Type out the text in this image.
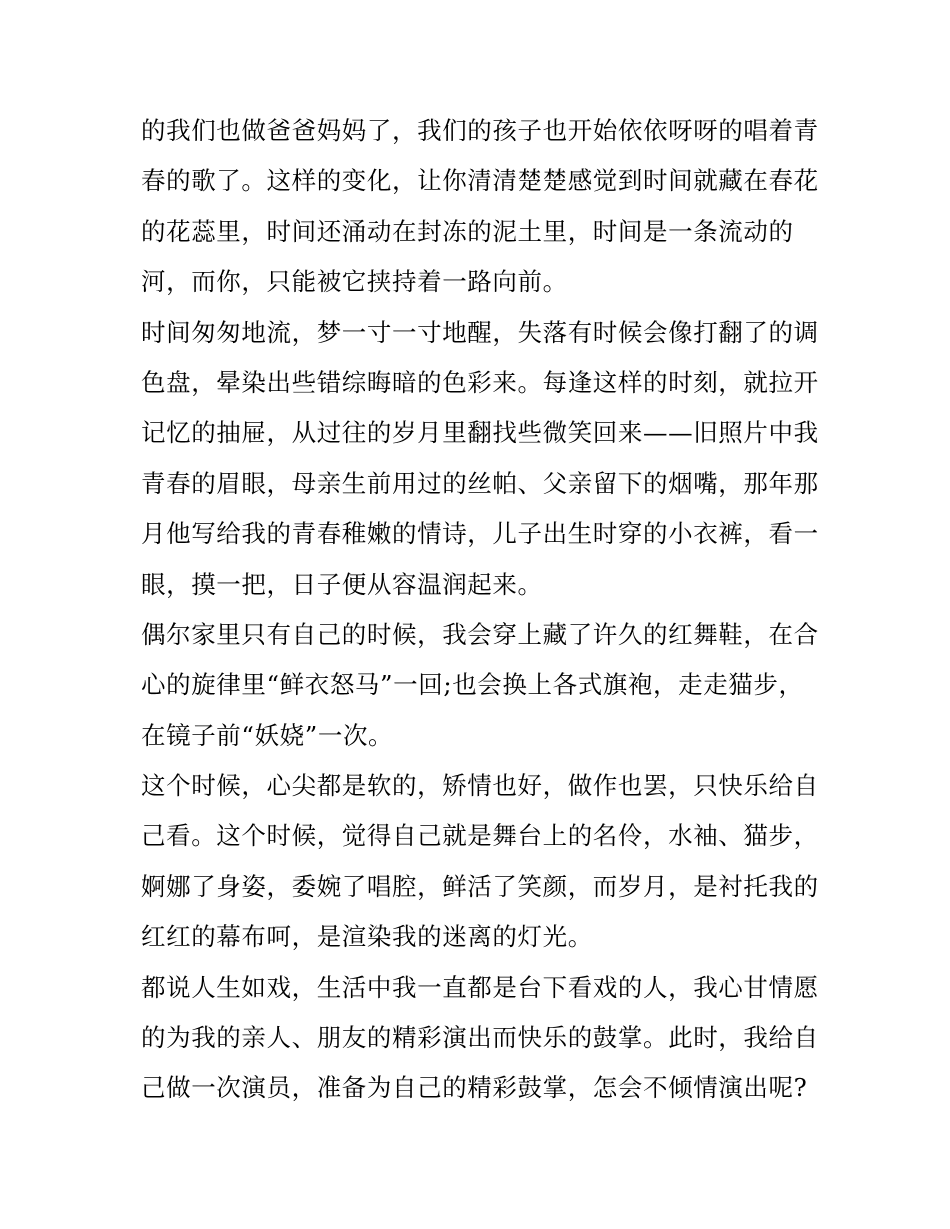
的我们也做爸爸妈妈了，我们的孩子也开始依依呀呀的唱着青
春的歌了。这样的变化，让你清清楚楚感觉到时间就藏在春花
的花蕊里，时间还涌动在封冻的泥土里，时间是一条流动的
河，而你，只能被它挟持着一路向前。
时间匆匆地流，梦一寸一寸地醒，失落有时候会像打翻了的调
色盘，晕染出些错综晦暗的色彩来。每逢这样的时刻，就拉开
记忆的抽屉，从过往的岁月里翻找些微笑回来——旧照片中我
青春的眉眼，母亲生前用过的丝帕、父亲留下的烟嘴，那年那
月他写给我的青春稚嫩的情诗，儿子出生时穿的小衣裤，看一
眼，摸一把，日子便从容温润起来。
偶尔家里只有自己的时候，我会穿上藏了许久的红舞鞋，在合
心的旋律里“鲜衣怒马”一回;也会换上各式旗袍，走走猫步，
在镜子前“妖娆”一次。
这个时候，心尖都是软的，矫情也好，做作也罢，只快乐给自
己看。这个时候，觉得自己就是舞台上的名伶，水袖、猫步，
婀娜了身姿，委婉了唱腔，鲜活了笑颜，而岁月，是衬托我的
红红的幕布呵，是渲染我的迷离的灯光。
都说人生如戏，生活中我一直都是台下看戏的人，我心甘情愿
的为我的亲人、朋友的精彩演出而快乐的鼓掌。此时，我给自
己做一次演员，准备为自己的精彩鼓掌，怎会不倾情演出呢?
